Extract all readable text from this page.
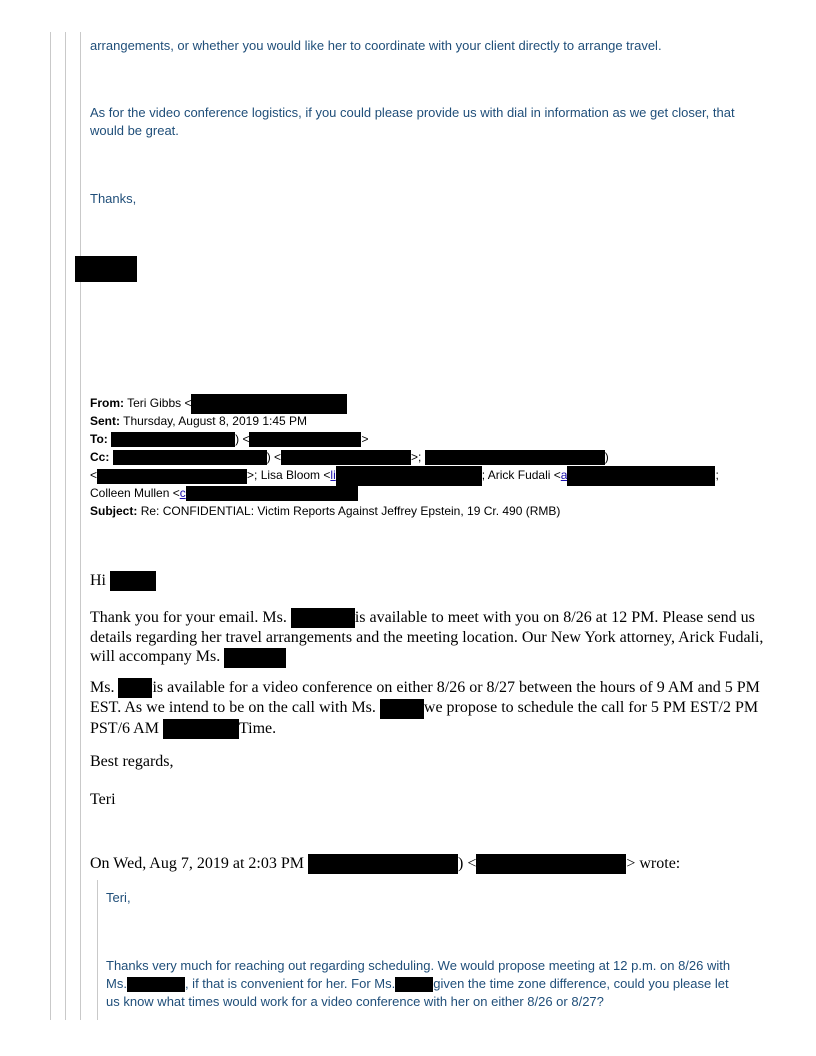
arrangements, or whether you would like her to coordinate with your client directly to arrange travel.
As for the video conference logistics, if you could please provide us with dial in information as we get closer, that would be great.
Thanks,
From: Teri Gibbs <
Sent: Thursday, August 8, 2019 1:45 PM
To:	) <	>
Cc:	) <	>;	)
<	>; Lisa Bloom <li	; Arick Fudali <a	;
Colleen Mullen <c
Subject: Re: CONFIDENTIAL: Victim Reports Against Jeffrey Epstein, 19 Cr. 490 (RMB)
Hi
Thank you for your email. Ms.	is available to meet with you on 8/26 at 12 PM. Please send us
details regarding her travel arrangements and the meeting location. Our New York attorney, Arick Fudali,
will accompany Ms.
Ms. is available for a video conference on either 8/26 or 8/27 between the hours of 9 AM and 5 PM
EST. As we intend to be on the call with Ms.	we propose to schedule the call for 5 PM EST/2 PM
PST/6 AM	Time.
Best regards,
Teri
On Wed, Aug 7, 2019 at 2:03 PM	) <	> wrote:
Teri,
Thanks very much for reaching out regarding scheduling. We would propose meeting at 12 p.m. on 8/26 with
Ms.	, if that is convenient for her. For Ms.	given the time zone difference, could you please let
us know what times would work for a video conference with her on either 8/26 or 8/27?
